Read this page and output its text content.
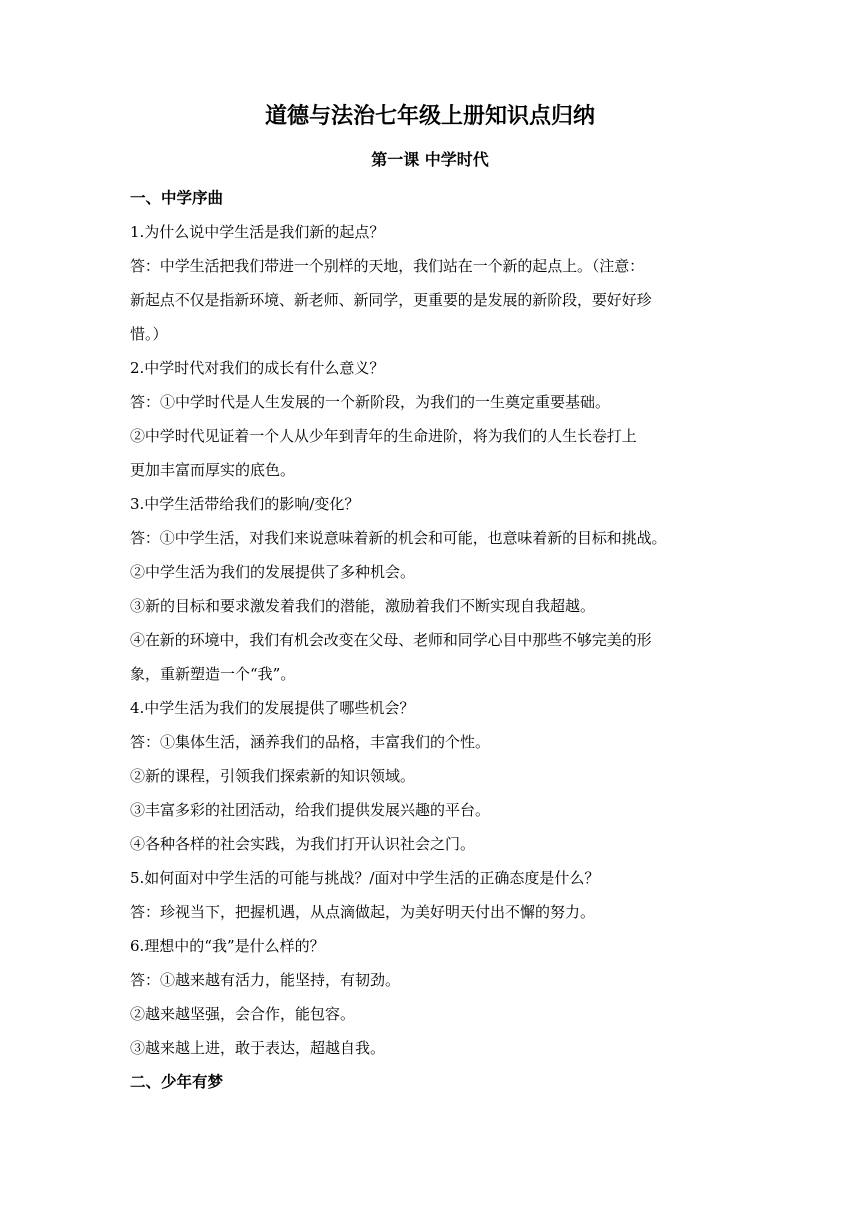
道德与法治七年级上册知识点归纳
第一课 中学时代
一、中学序曲
1.为什么说中学生活是我们新的起点？
答：中学生活把我们带进一个别样的天地，我们站在一个新的起点上。（注意：
新起点不仅是指新环境、新老师、新同学，更重要的是发展的新阶段，要好好珍
惜。）
2.中学时代对我们的成长有什么意义？
答：①中学时代是人生发展的一个新阶段，为我们的一生奠定重要基础。
②中学时代见证着一个人从少年到青年的生命进阶，将为我们的人生长卷打上
更加丰富而厚实的底色。
3.中学生活带给我们的影响/变化？
答：①中学生活，对我们来说意味着新的机会和可能，也意味着新的目标和挑战。
②中学生活为我们的发展提供了多种机会。
③新的目标和要求激发着我们的潜能，激励着我们不断实现自我超越。
④在新的环境中，我们有机会改变在父母、老师和同学心目中那些不够完美的形
象，重新塑造一个“我”。
4.中学生活为我们的发展提供了哪些机会？
答：①集体生活，涵养我们的品格，丰富我们的个性。
②新的课程，引领我们探索新的知识领域。
③丰富多彩的社团活动，给我们提供发展兴趣的平台。
④各种各样的社会实践，为我们打开认识社会之门。
5.如何面对中学生活的可能与挑战？/面对中学生活的正确态度是什么？
答：珍视当下，把握机遇，从点滴做起，为美好明天付出不懈的努力。
6.理想中的“我”是什么样的？
答：①越来越有活力，能坚持，有韧劲。
②越来越坚强，会合作，能包容。
③越来越上进，敢于表达，超越自我。
二、少年有梦
